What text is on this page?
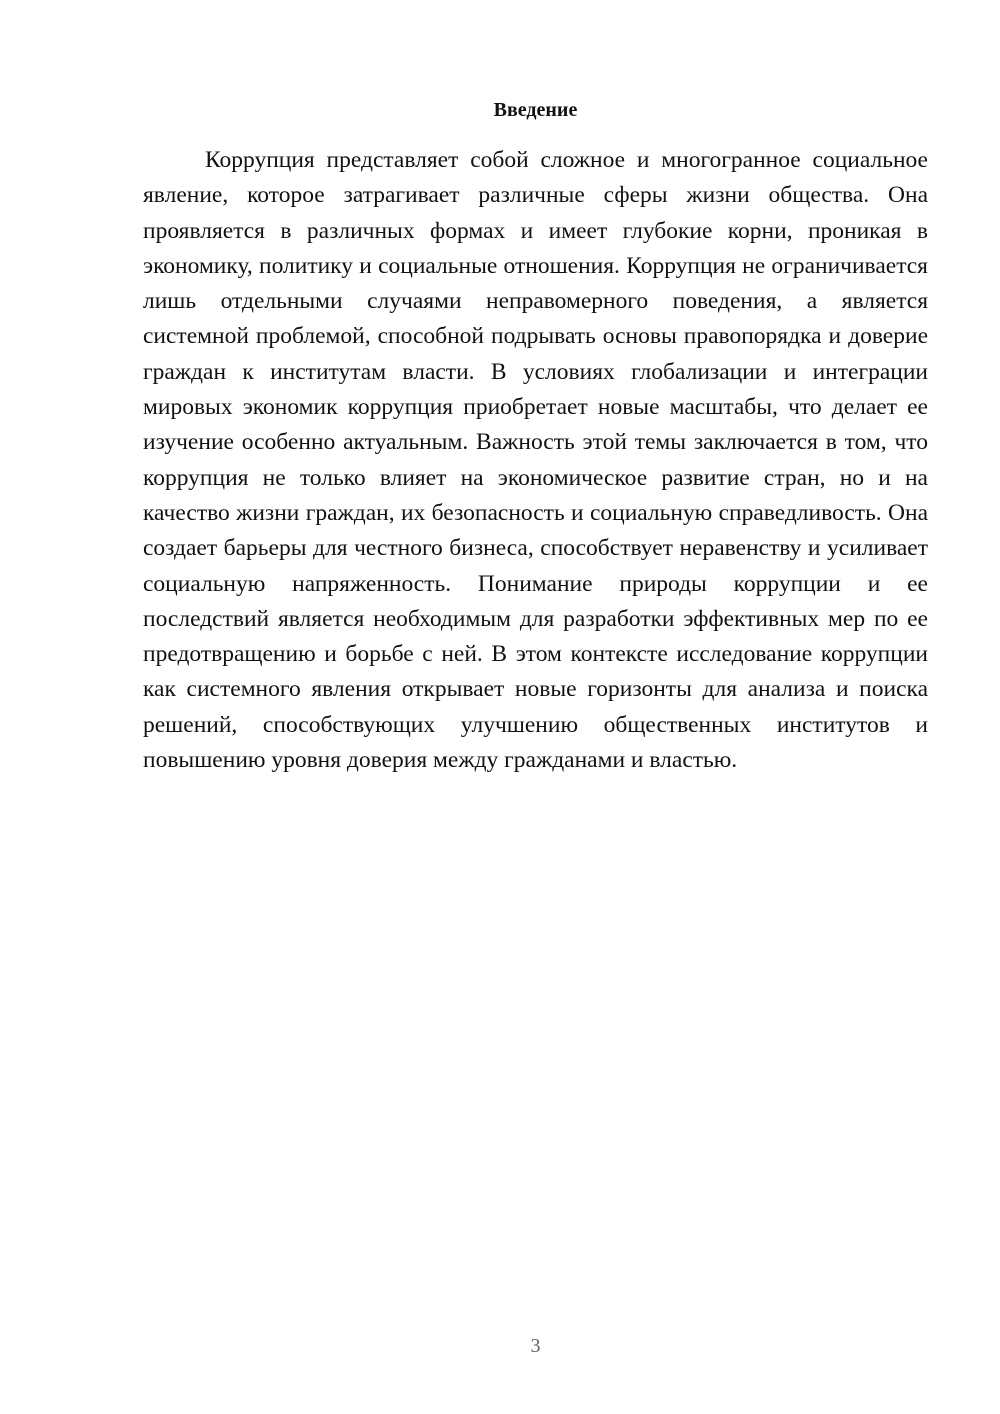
Введение

Коррупция представляет собой сложное и многогранное социальное явление, которое затрагивает различные сферы жизни общества. Она проявляется в различных формах и имеет глубокие корни, проникая в экономику, политику и социальные отношения. Коррупция не ограничивается лишь отдельными случаями неправомерного поведения, а является системной проблемой, способной подрывать основы правопорядка и доверие граждан к институтам власти. В условиях глобализации и интеграции мировых экономик коррупция приобретает новые масштабы, что делает ее изучение особенно актуальным. Важность этой темы заключается в том, что коррупция не только влияет на экономическое развитие стран, но и на качество жизни граждан, их безопасность и социальную справедливость. Она создает барьеры для честного бизнеса, способствует неравенству и усиливает социальную напряженность. Понимание природы коррупции и ее последствий является необходимым для разработки эффективных мер по ее предотвращению и борьбе с ней. В этом контексте исследование коррупции как системного явления открывает новые горизонты для анализа и поиска решений, способствующих улучшению общественных институтов и повышению уровня доверия между гражданами и властью.

3
